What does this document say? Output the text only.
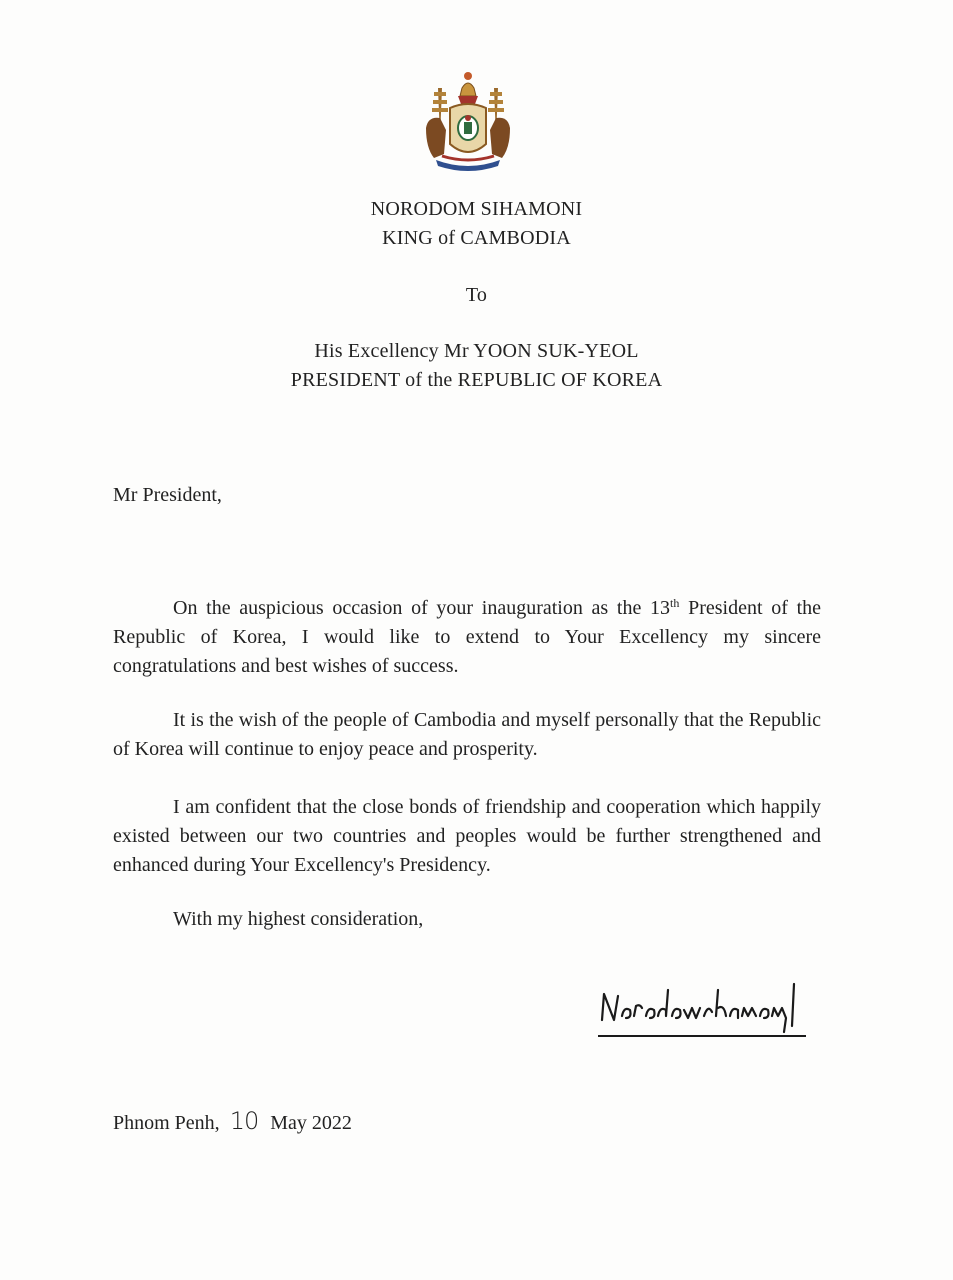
NORODOM SIHAMONI
KING of CAMBODIA
To
His Excellency Mr YOON SUK-YEOL
PRESIDENT of the REPUBLIC OF KOREA
Mr President,
On the auspicious occasion of your inauguration as the 13th President of the Republic of Korea, I would like to extend to Your Excellency my sincere congratulations and best wishes of success.
It is the wish of the people of Cambodia and myself personally that the Republic of Korea will continue to enjoy peace and prosperity.
I am confident that the close bonds of friendship and cooperation which happily existed between our two countries and peoples would be further strengthened and enhanced during Your Excellency's Presidency.
With my highest consideration,
Phnom Penh, 10 May 2022
